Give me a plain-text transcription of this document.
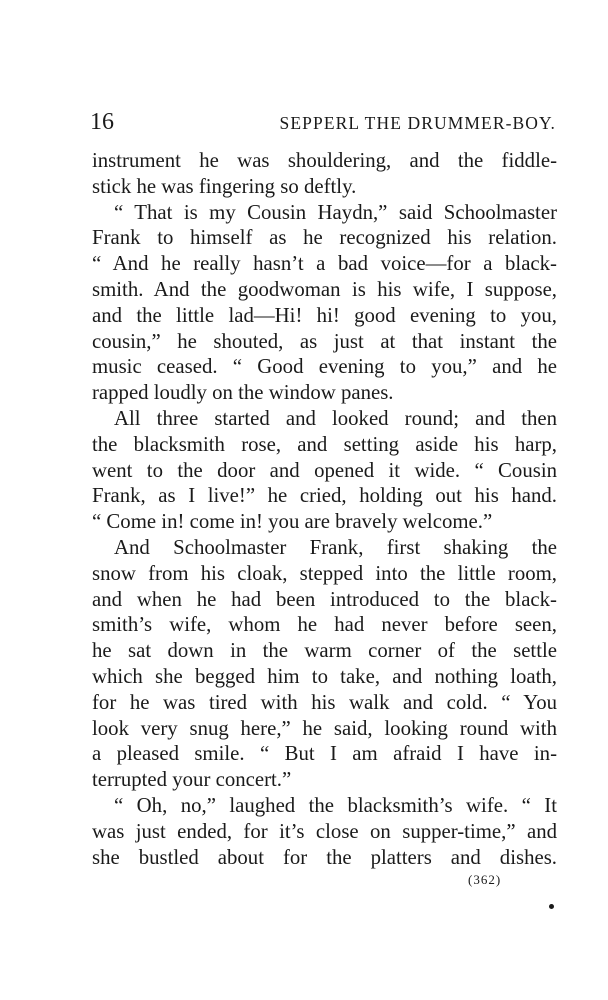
16	SEPPERL THE DRUMMER-BOY.
instrument he was shouldering, and the fiddle-
stick he was fingering so deftly.
“ That is my Cousin Haydn,” said Schoolmaster
Frank to himself as he recognized his relation.
“ And he really hasn’t a bad voice—for a black-
smith. And the goodwoman is his wife, I suppose,
and the little lad—Hi! hi! good evening to you,
cousin,” he shouted, as just at that instant the
music ceased. “ Good evening to you,” and he
rapped loudly on the window panes.
All three started and looked round; and then
the blacksmith rose, and setting aside his harp,
went to the door and opened it wide. “ Cousin
Frank, as I live!” he cried, holding out his hand.
“ Come in! come in! you are bravely welcome.”
And Schoolmaster Frank, first shaking the
snow from his cloak, stepped into the little room,
and when he had been introduced to the black-
smith’s wife, whom he had never before seen,
he sat down in the warm corner of the settle
which she begged him to take, and nothing loath,
for he was tired with his walk and cold. “ You
look very snug here,” he said, looking round with
a pleased smile. “ But I am afraid I have in-
terrupted your concert.”
“ Oh, no,” laughed the blacksmith’s wife. “ It
was just ended, for it’s close on supper-time,” and
she bustled about for the platters and dishes.
(362)
